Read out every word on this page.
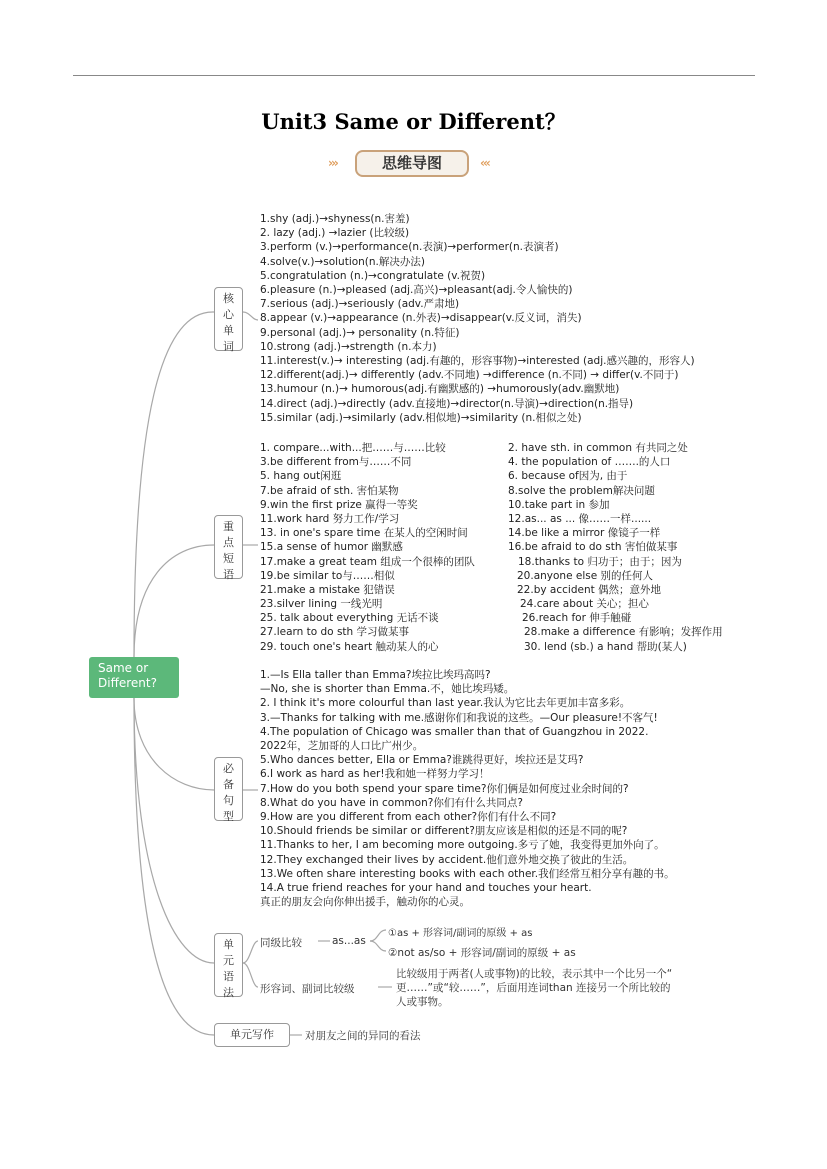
Unit3 Same or Different？
›››	思维导图	‹‹‹
Same or
Different?
核
心
单
词
重
点
短
语
必
备
句
型
单
元
语
法
单元写作
1.shy (adj.)→shyness(n.害羞)
2. lazy (adj.) →lazier (比较级)
3.perform (v.)→performance(n.表演)→performer(n.表演者)
4.solve(v.)→solution(n.解决办法)
5.congratulation (n.)→congratulate (v.祝贺)
6.pleasure (n.)→pleased (adj.高兴)→pleasant(adj.令人愉快的)
7.serious (adj.)→seriously (adv.严肃地)
8.appear (v.)→appearance (n.外表)→disappear(v.反义词，消失)
9.personal (adj.)→ personality (n.特征)
10.strong (adj.)→strength (n.本力)
11.interest(v.)→ interesting (adj.有趣的，形容事物)→interested (adj.感兴趣的，形容人)
12.different(adj.)→ differently (adv.不同地) →difference (n.不同) → differ(v.不同于)
13.humour (n.)→ humorous(adj.有幽默感的) →humorously(adv.幽默地)
14.direct (adj.)→directly (adv.直接地)→director(n.导演)→direction(n.指导)
15.similar (adj.)→similarly (adv.相似地)→similarity (n.相似之处)
1. compare...with...把……与……比较	2. have sth. in common 有共同之处
3.be different from与……不同	4. the population of …….的人口
5. hang out闲逛	6. because of因为, 由于
7.be afraid of sth. 害怕某物	8.solve the problem解决问题
9.win the first prize 赢得一等奖	10.take part in 参加
11.work hard 努力工作/学习	12.as... as ... 像……一样......
13. in one's spare time 在某人的空闲时间	14.be like a mirror 像镜子一样
15.a sense of humor 幽默感	16.be afraid to do sth 害怕做某事
17.make a great team 组成一个很棒的团队	18.thanks to 归功于；由于；因为
19.be similar to与……相似	20.anyone else 别的任何人
21.make a mistake 犯错误	22.by accident 偶然；意外地
23.silver lining 一线光明	24.care about 关心；担心
25. talk about everything 无话不谈	26.reach for 伸手触碰
27.learn to do sth 学习做某事	28.make a difference 有影响；发挥作用
29. touch one's heart 触动某人的心	30. lend (sb.) a hand 帮助(某人)
1.—Is Ella taller than Emma?埃拉比埃玛高吗?
—No, she is shorter than Emma.不，她比埃玛矮。
2. I think it's more colourful than last year.我认为它比去年更加丰富多彩。
3.—Thanks for talking with me.感谢你们和我说的这些。—Our pleasure!不客气!
4.The population of Chicago was smaller than that of Guangzhou in 2022.
2022年，芝加哥的人口比广州少。
5.Who dances better, Ella or Emma?谁跳得更好，埃拉还是艾玛?
6.I work as hard as her!我和她一样努力学习！
7.How do you both spend your spare time?你们俩是如何度过业余时间的?
8.What do you have in common?你们有什么共同点?
9.How are you different from each other?你们有什么不同?
10.Should friends be similar or different?朋友应该是相似的还是不同的呢?
11.Thanks to her, I am becoming more outgoing.多亏了她，我变得更加外向了。
12.They exchanged their lives by accident.他们意外地交换了彼此的生活。
13.We often share interesting books with each other.我们经常互相分享有趣的书。
14.A true friend reaches for your hand and touches your heart.
真正的朋友会向你伸出援手，触动你的心灵。
同级比较	as...as
①as + 形容词/副词的原级 + as
②not as/so + 形容词/副词的原级 + as
形容词、副词比较级
比较级用于两者(人或事物)的比较，表示其中一个比另一个“
更……”或“较……”，后面用连词than 连接另一个所比较的
人或事物。
对朋友之间的异同的看法
